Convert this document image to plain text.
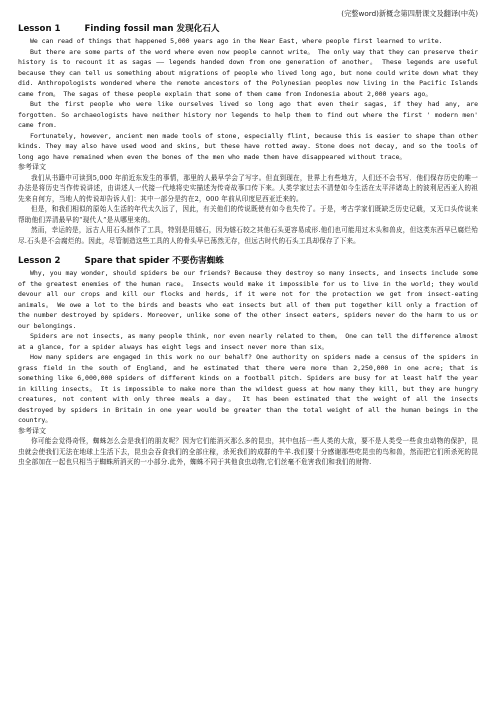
(完整word)新概念第四册课文及翻译(中英)
Lesson 1	Finding fossil man 发现化石人

We can read of things that happened 5,000 years ago in the Near East, where people first learned to write.

But there are some parts of the word where even now people cannot write。 The only way that they can preserve their history is to recount it as sagas —— legends handed down from one generation of another。 These legends are useful because they can tell us something about migrations of people who lived long ago, but none could write down what they did. Anthropologists wondered where the remote ancestors of the Polynesian peoples now living in the Pacific Islands came from。 The sagas of these people explain that some of them came from Indonesia about 2,000 years ago。

But the first people who were like ourselves lived so long ago that even their sagas, if they had any, are forgotten. So archaeologists have neither history nor legends to help them to find out where the first ' modern men' came from.

Fortunately, however, ancient men made tools of stone, especially flint, because this is easier to shape than other kinds. They may also have used wood and skins, but these have rotted away. Stone does not decay, and so the tools of long ago have remained when even the bones of the men who made them have disappeared without trace。

参考译文

我们从书籍中可读到5,000 年前近东发生的事情，那里的人最早学会了写字。但直到现在，世界上有些地方，人们还不会书写．他们保存历史的唯一办法是将历史当作传说讲述，由讲述人一代接一代地将史实描述为传奇故事口传下来。人类学家过去不清楚如今生活在太平洋诸岛上的波利尼西亚人的祖先来自何方，当地人的传说却告诉人们：其中一部分是约在2，000 年前从印度尼西亚迁来的。

但是，和我们相似的原始人生活的年代太久远了，因此，有关他们的传说既使有如今也失传了。于是，考古学家们既缺乏历史记载，又无口头传说来帮助他们弄清最早的“现代人”是从哪里来的。

然而，幸运的是，远古人用石头制作了工具，特别是用燧石，因为燧石较之其他石头更容易成形.他们也可能用过木头和兽皮，但这类东西早已腐烂殆尽.石头是不会腐烂的。因此，尽管制造这些工具的人的骨头早已荡然无存，但远古时代的石头工具却保存了下来。

Lesson 2	Spare that spider 不要伤害蜘蛛

Why, you may wonder, should spiders be our friends? Because they destroy so many insects, and insects include some of the greatest enemies of the human race。 Insects would make it impossible for us to live in the world; they would devour all our crops and kill our flocks and herds, if it were not for the protection we get from insect-eating animals。 We owe a lot to the birds and beasts who eat insects but all of them put together kill only a fraction of the number destroyed by spiders. Moreover, unlike some of the other insect eaters, spiders never do the harm to us or our belongings.

Spiders are not insects, as many people think, nor even nearly related to them。 One can tell the difference almost at a glance, for a spider always has eight legs and insect never more than six。

How many spiders are engaged in this work no our behalf? One authority on spiders made a census of the spiders in grass field in the south of England, and he estimated that there were more than 2,250,000 in one acre; that is something like 6,000,000 spiders of different kinds on a football pitch. Spiders are busy for at least half the year in killing insects。 It is impossible to make more than the wildest guess at how many they kill, but they are hungry creatures, not content with only three meals a day。 It has been estimated that the weight of all the insects destroyed by spiders in Britain in one year would be greater than the total weight of all the human beings in the country。

参考译文

你可能会觉得奇怪，蜘蛛怎么会是我们的朋友呢？因为它们能消灭那么多的昆虫，其中包括一些人类的大敌，要不是人类受一些食虫动物的保护，昆虫就会使我们无法在地球上生活下去，昆虫会吞食我们的全部庄稼，杀死我们的成群的牛羊.我们要十分感谢那些吃昆虫的鸟和兽，然而把它们所杀死的昆虫全部加在一起也只相当于蜘蛛所消灭的一小部分.此外，蜘蛛不同于其他食虫动物,它们丝毫不危害我们和我们的财物.
